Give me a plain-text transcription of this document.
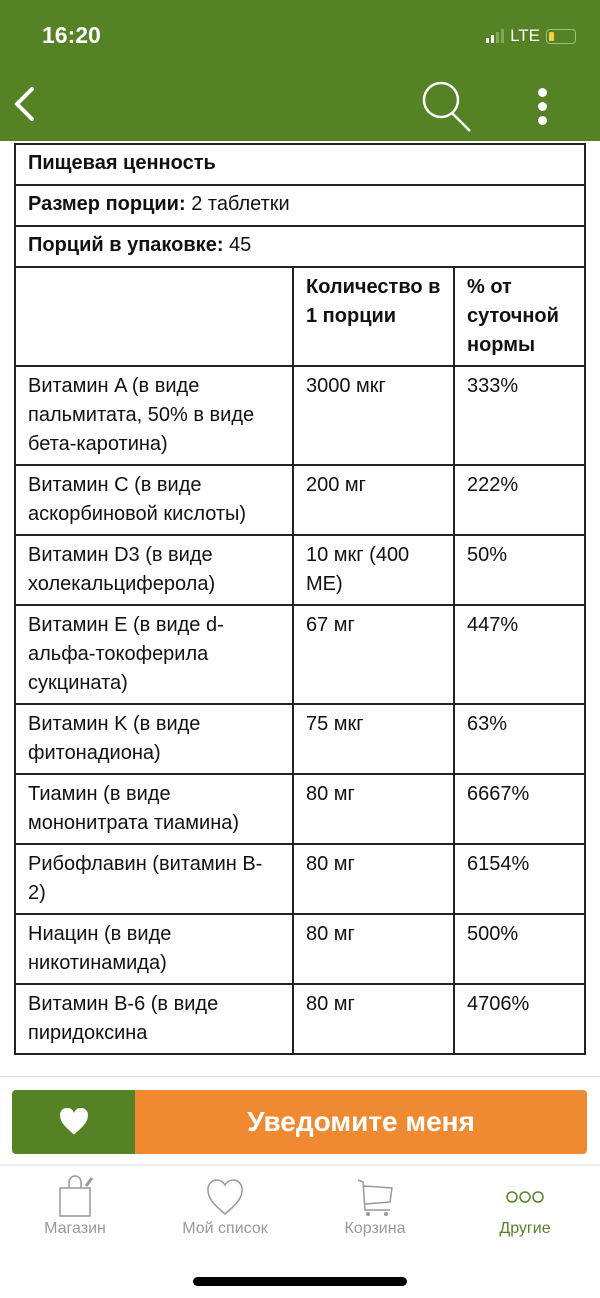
16:20	LTE
Пищевая ценность		
Размер порции: 2 таблетки		
Порций в упаковке: 45		
	Количество в 1 порции	% от суточной нормы
Витамин A (в виде пальмитата, 50% в виде бета-каротина)	3000 мкг	333%
Витамин C (в виде аскорбиновой кислоты)	200 мг	222%
Витамин D3 (в виде холекальциферола)	10 мкг (400 МЕ)	50%
Витамин E (в виде d-альфа-токоферила сукцината)	67 мг	447%
Витамин K (в виде фитонадиона)	75 мкг	63%
Тиамин (в виде мононитрата тиамина)	80 мг	6667%
Рибофлавин (витамин B-2)	80 мг	6154%
Ниацин (в виде никотинамида)	80 мг	500%
Витамин B-6 (в виде пиридоксина	80 мг	4706%
Уведомите меня
Магазин	Мой список	Корзина	Другие
